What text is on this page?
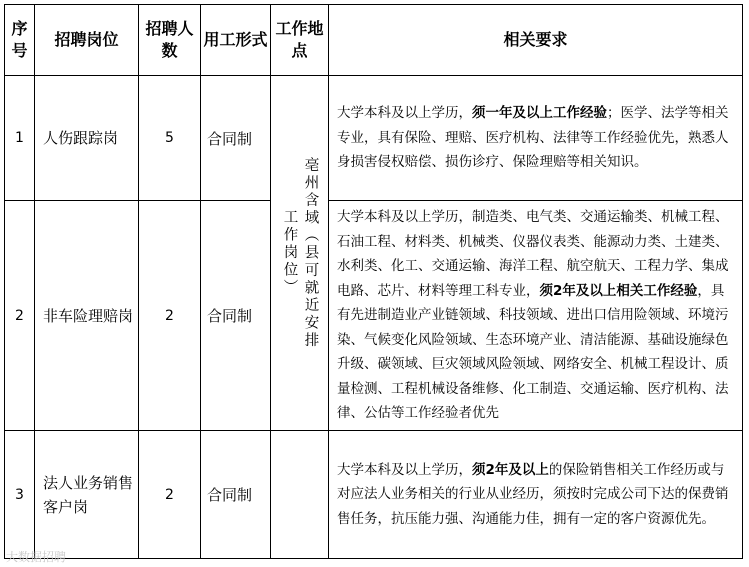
序号	招聘岗位	招聘人数	用工形式	工作地点	相关要求
1	人伤跟踪岗	5	合同制	亳州含域（县可就近安排工作岗位）	大学本科及以上学历，须一年及以上工作经验；医学、法学等相关专业，具有保险、理赔、医疗机构、法律等工作经验优先，熟悉人身损害侵权赔偿、损伤诊疗、保险理赔等相关知识。
2	非车险理赔岗	2	合同制		大学本科及以上学历，制造类、电气类、交通运输类、机械工程、石油工程、材料类、机械类、仪器仪表类、能源动力类、土建类、水利类、化工、交通运输、海洋工程、航空航天、工程力学、集成电路、芯片、材料等理工科专业，须2年及以上相关工作经验，具有先进制造业产业链领域、科技领域、进出口信用险领域、环境污染、气候变化风险领域、生态环境产业、清洁能源、基础设施绿色升级、碳领域、巨灾领域风险领域、网络安全、机械工程设计、质量检测、工程机械设备维修、化工制造、交通运输、医疗机构、法律、公估等工作经验者优先
3	法人业务销售客户岗	2	合同制		大学本科及以上学历，须2年及以上的保险销售相关工作经历或与对应法人业务相关的行业从业经历，须按时完成公司下达的保费销售任务，抗压能力强、沟通能力佳，拥有一定的客户资源优先。
大数据招聘
